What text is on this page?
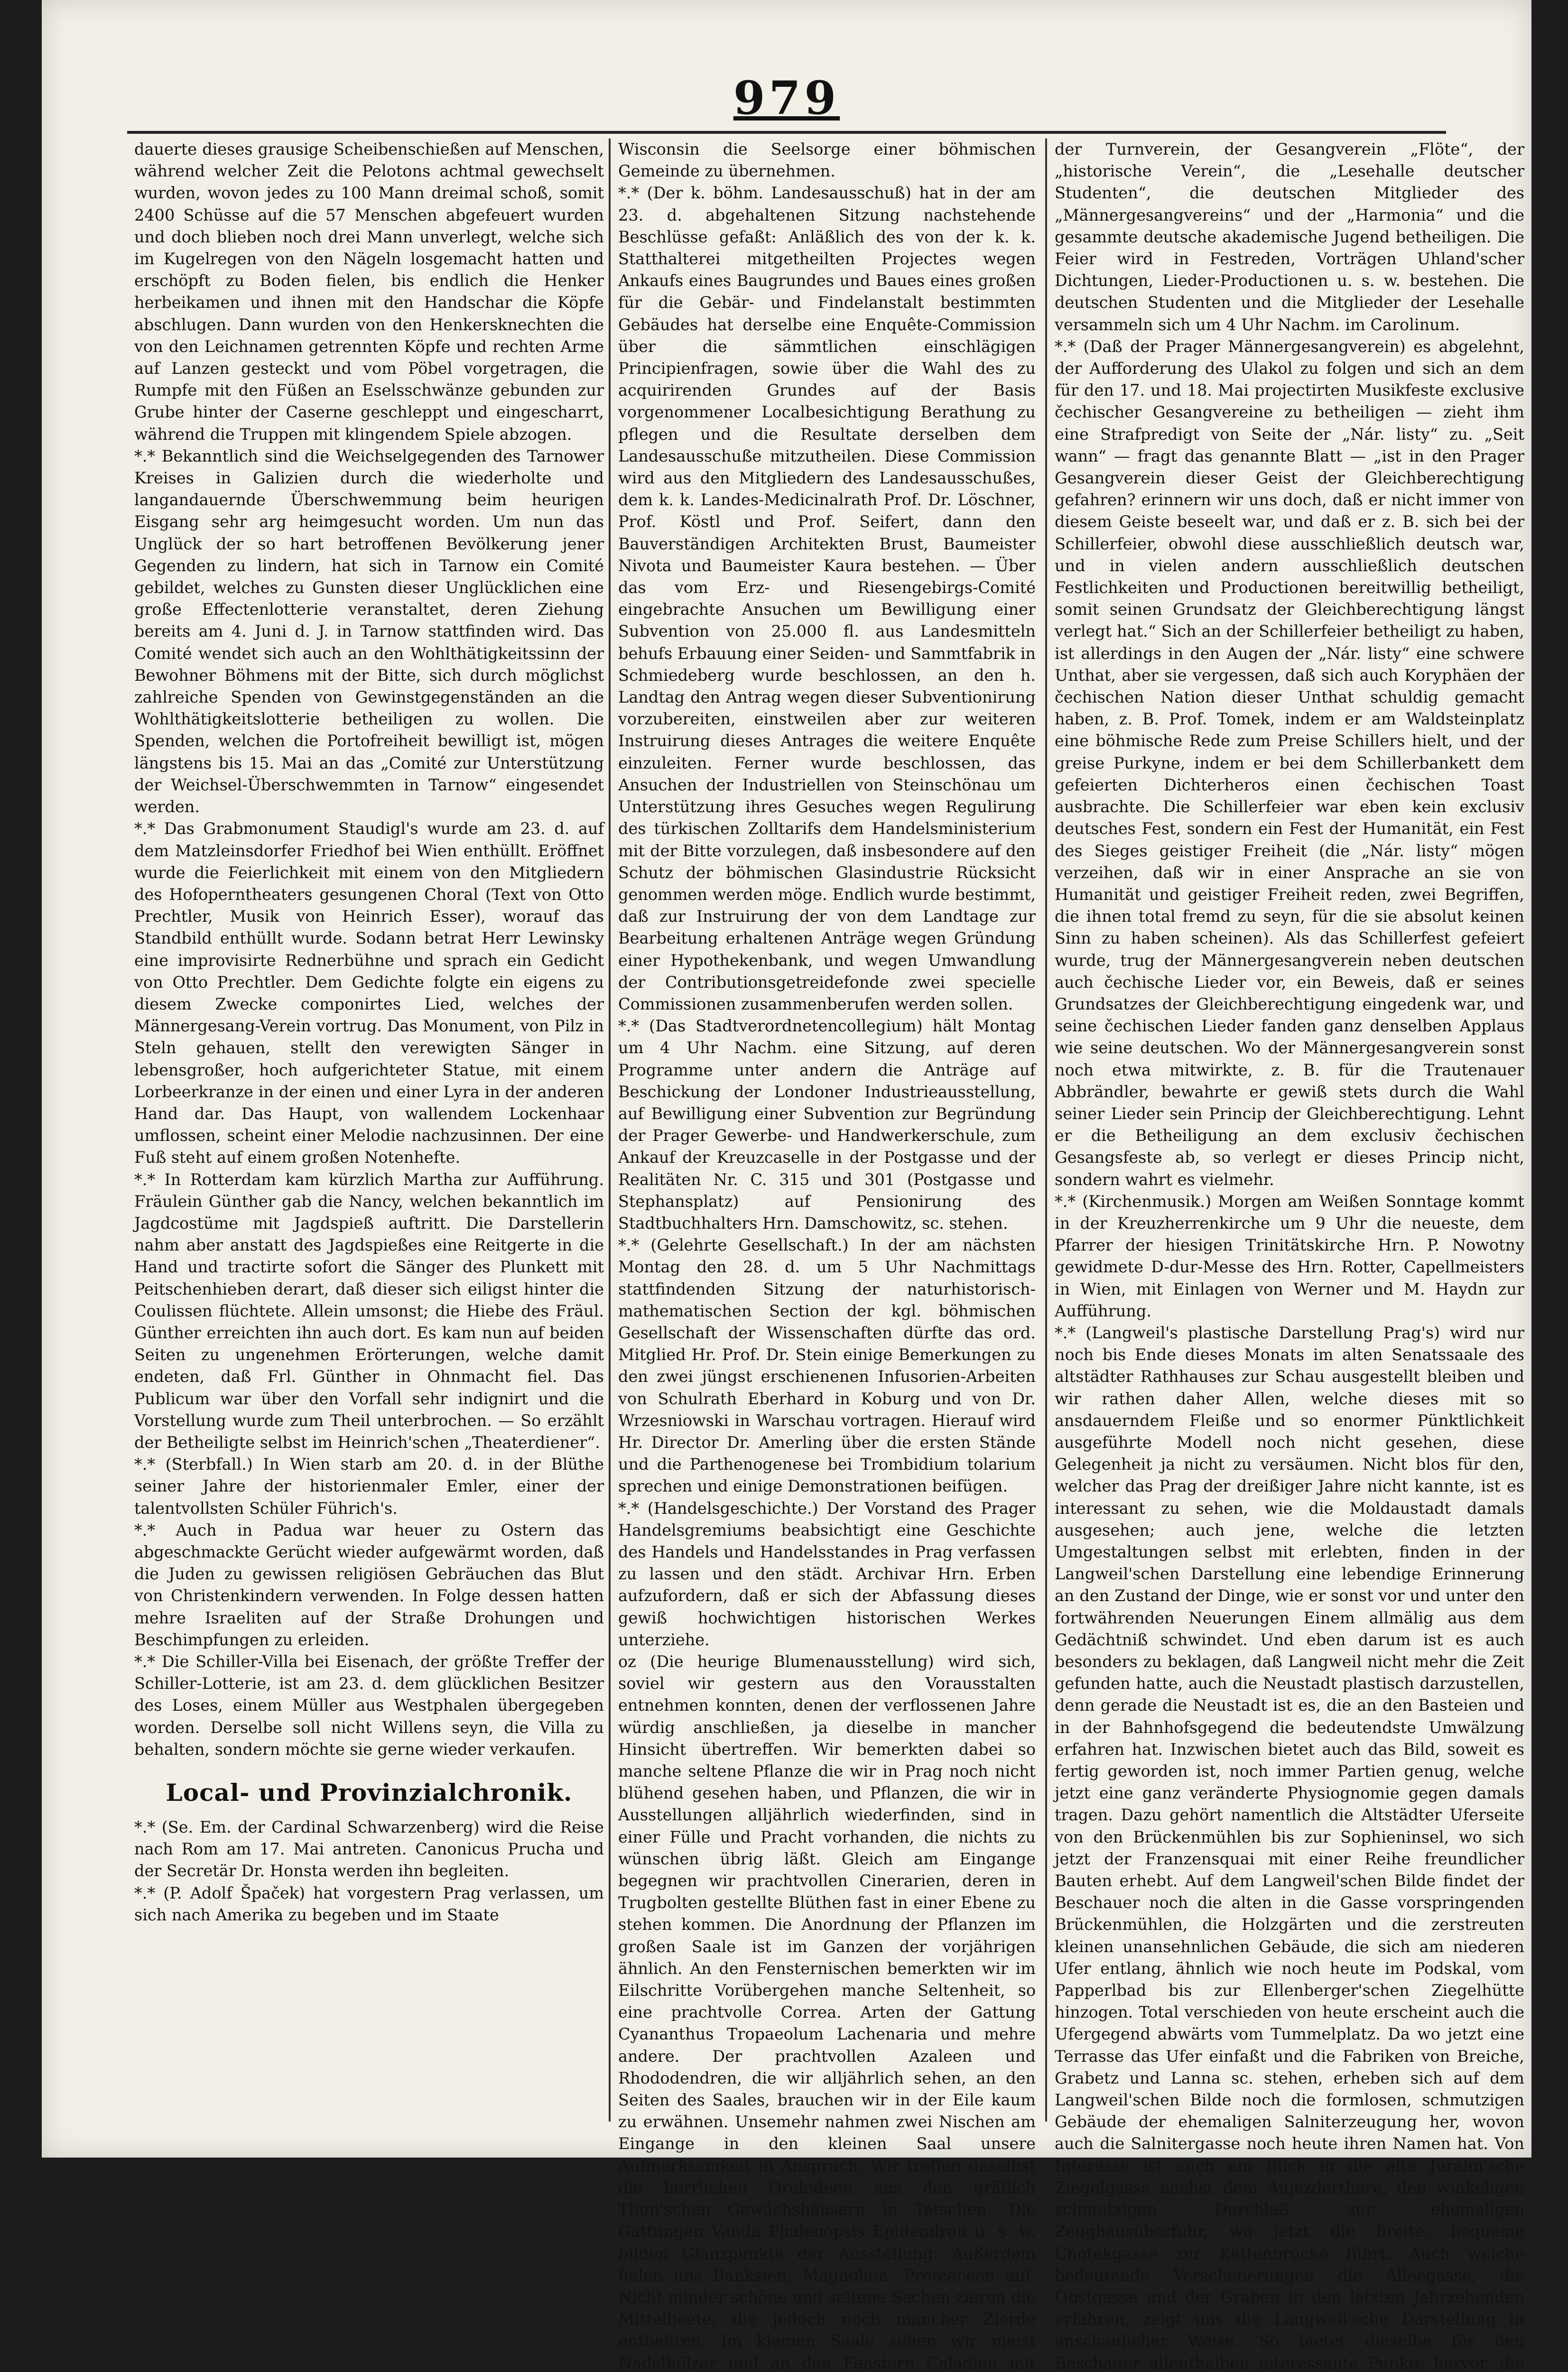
979

dauerte dieses grausige Scheibenschießen auf Menschen, während welcher Zeit die Pelotons achtmal gewechselt wurden, wovon jedes zu 100 Mann dreimal schoß, somit 2400 Schüsse auf die 57 Menschen abgefeuert wurden und doch blieben noch drei Mann unverlegt, welche sich im Kugelregen von den Nägeln losgemacht hatten und erschöpft zu Boden fielen, bis endlich die Henker herbeikamen und ihnen mit den Handschar die Köpfe abschlugen. Dann wurden von den Henkersknechten die von den Leichnamen getrennten Köpfe und rechten Arme auf Lanzen gesteckt und vom Pöbel vorgetragen, die Rumpfe mit den Füßen an Eselsschwänze gebunden zur Grube hinter der Caserne geschleppt und eingescharrt, während die Truppen mit klingendem Spiele abzogen.

*.* Bekanntlich sind die Weichselgegenden des Tarnower Kreises in Galizien durch die wiederholte und langandauernde Überschwemmung beim heurigen Eisgang sehr arg heimgesucht worden. Um nun das Unglück der so hart betroffenen Bevölkerung jener Gegenden zu lindern, hat sich in Tarnow ein Comité gebildet, welches zu Gunsten dieser Unglücklichen eine große Effectenlotterie veranstaltet, deren Ziehung bereits am 4. Juni d. J. in Tarnow stattfinden wird. Das Comité wendet sich auch an den Wohlthätigkeitssinn der Bewohner Böhmens mit der Bitte, sich durch möglichst zahlreiche Spenden von Gewinstgegenständen an die Wohlthätigkeitslotterie betheiligen zu wollen. Die Spenden, welchen die Portofreiheit bewilligt ist, mögen längstens bis 15. Mai an das „Comité zur Unterstützung der Weichsel-Überschwemmten in Tarnow“ eingesendet werden.

*.* Das Grabmonument Staudigl's wurde am 23. d. auf dem Matzleinsdorfer Friedhof bei Wien enthüllt. Eröffnet wurde die Feierlichkeit mit einem von den Mitgliedern des Hofoperntheaters gesungenen Choral (Text von Otto Prechtler, Musik von Heinrich Esser), worauf das Standbild enthüllt wurde. Sodann betrat Herr Lewinsky eine improvisirte Rednerbühne und sprach ein Gedicht von Otto Prechtler. Dem Gedichte folgte ein eigens zu diesem Zwecke componirtes Lied, welches der Männergesang-Verein vortrug. Das Monument, von Pilz in Steln gehauen, stellt den verewigten Sänger in lebensgroßer, hoch aufgerichteter Statue, mit einem Lorbeerkranze in der einen und einer Lyra in der anderen Hand dar. Das Haupt, von wallendem Lockenhaar umflossen, scheint einer Melodie nachzusinnen. Der eine Fuß steht auf einem großen Notenhefte.

*.* In Rotterdam kam kürzlich Martha zur Aufführung. Fräulein Günther gab die Nancy, welchen bekanntlich im Jagdcostüme mit Jagdspieß auftritt. Die Darstellerin nahm aber anstatt des Jagdspießes eine Reitgerte in die Hand und tractirte sofort die Sänger des Plunkett mit Peitschenhieben derart, daß dieser sich eiligst hinter die Coulissen flüchtete. Allein umsonst; die Hiebe des Fräul. Günther erreichten ihn auch dort. Es kam nun auf beiden Seiten zu ungenehmen Erörterungen, welche damit endeten, daß Frl. Günther in Ohnmacht fiel. Das Publicum war über den Vorfall sehr indignirt und die Vorstellung wurde zum Theil unterbrochen. — So erzählt der Betheiligte selbst im Heinrich'schen „Theaterdiener“.

*.* (Sterbfall.) In Wien starb am 20. d. in der Blüthe seiner Jahre der historienmaler Emler, einer der talentvollsten Schüler Führich's.

*.* Auch in Padua war heuer zu Ostern das abgeschmackte Gerücht wieder aufgewärmt worden, daß die Juden zu gewissen religiösen Gebräuchen das Blut von Christenkindern verwenden. In Folge dessen hatten mehre Israeliten auf der Straße Drohungen und Beschimpfungen zu erleiden.

*.* Die Schiller-Villa bei Eisenach, der größte Treffer der Schiller-Lotterie, ist am 23. d. dem glücklichen Besitzer des Loses, einem Müller aus Westphalen übergegeben worden. Derselbe soll nicht Willens seyn, die Villa zu behalten, sondern möchte sie gerne wieder verkaufen.

Local- und Provinzialchronik.

*.* (Se. Em. der Cardinal Schwarzenberg) wird die Reise nach Rom am 17. Mai antreten. Canonicus Prucha und der Secretär Dr. Honsta werden ihn begleiten.

*.* (P. Adolf Špaček) hat vorgestern Prag verlassen, um sich nach Amerika zu begeben und im Staate

Wisconsin die Seelsorge einer böhmischen Gemeinde zu übernehmen.

*.* (Der k. böhm. Landesausschuß) hat in der am 23. d. abgehaltenen Sitzung nachstehende Beschlüsse gefaßt: Anläßlich des von der k. k. Statthalterei mitgetheilten Projectes wegen Ankaufs eines Baugrundes und Baues eines großen für die Gebär- und Findelanstalt bestimmten Gebäudes hat derselbe eine Enquête-Commission über die sämmtlichen einschlägigen Principienfragen, sowie über die Wahl des zu acquirirenden Grundes auf der Basis vorgenommener Localbesichtigung Berathung zu pflegen und die Resultate derselben dem Landesausschuße mitzutheilen. Diese Commission wird aus den Mitgliedern des Landesausschußes, dem k. k. Landes-Medicinalrath Prof. Dr. Löschner, Prof. Köstl und Prof. Seifert, dann den Bauverständigen Architekten Brust, Baumeister Nivota und Baumeister Kaura bestehen. — Über das vom Erz- und Riesengebirgs-Comité eingebrachte Ansuchen um Bewilligung einer Subvention von 25.000 fl. aus Landesmitteln behufs Erbauung einer Seiden- und Sammtfabrik in Schmiedeberg wurde beschlossen, an den h. Landtag den Antrag wegen dieser Subventionirung vorzubereiten, einstweilen aber zur weiteren Instruirung dieses Antrages die weitere Enquête einzuleiten. Ferner wurde beschlossen, das Ansuchen der Industriellen von Steinschönau um Unterstützung ihres Gesuches wegen Regulirung des türkischen Zolltarifs dem Handelsministerium mit der Bitte vorzulegen, daß insbesondere auf den Schutz der böhmischen Glasindustrie Rücksicht genommen werden möge. Endlich wurde bestimmt, daß zur Instruirung der von dem Landtage zur Bearbeitung erhaltenen Anträge wegen Gründung einer Hypothekenbank, und wegen Umwandlung der Contributionsgetreidefonde zwei specielle Commissionen zusammenberufen werden sollen.

*.* (Das Stadtverordnetencollegium) hält Montag um 4 Uhr Nachm. eine Sitzung, auf deren Programme unter andern die Anträge auf Beschickung der Londoner Industrieausstellung, auf Bewilligung einer Subvention zur Begründung der Prager Gewerbe- und Handwerkerschule, zum Ankauf der Kreuzcaselle in der Postgasse und der Realitäten Nr. C. 315 und 301 (Postgasse und Stephansplatz) auf Pensionirung des Stadtbuchhalters Hrn. Damschowitz, sc. stehen.

*.* (Gelehrte Gesellschaft.) In der am nächsten Montag den 28. d. um 5 Uhr Nachmittags stattfindenden Sitzung der naturhistorisch-mathematischen Section der kgl. böhmischen Gesellschaft der Wissenschaften dürfte das ord. Mitglied Hr. Prof. Dr. Stein einige Bemerkungen zu den zwei jüngst erschienenen Infusorien-Arbeiten von Schulrath Eberhard in Koburg und von Dr. Wrzesniowski in Warschau vortragen. Hierauf wird Hr. Director Dr. Amerling über die ersten Stände und die Parthenogenese bei Trombidium tolarium sprechen und einige Demonstrationen beifügen.

*.* (Handelsgeschichte.) Der Vorstand des Prager Handelsgremiums beabsichtigt eine Geschichte des Handels und Handelsstandes in Prag verfassen zu lassen und den städt. Archivar Hrn. Erben aufzufordern, daß er sich der Abfassung dieses gewiß hochwichtigen historischen Werkes unterziehe.

oz (Die heurige Blumenausstellung) wird sich, soviel wir gestern aus den Vorausstalten entnehmen konnten, denen der verflossenen Jahre würdig anschließen, ja dieselbe in mancher Hinsicht übertreffen. Wir bemerkten dabei so manche seltene Pflanze die wir in Prag noch nicht blühend gesehen haben, und Pflanzen, die wir in Ausstellungen alljährlich wiederfinden, sind in einer Fülle und Pracht vorhanden, die nichts zu wünschen übrig läßt. Gleich am Eingange begegnen wir prachtvollen Cinerarien, deren in Trugbolten gestellte Blüthen fast in einer Ebene zu stehen kommen. Die Anordnung der Pflanzen im großen Saale ist im Ganzen der vorjährigen ähnlich. An den Fensternischen bemerkten wir im Eilschritte Vorübergehen manche Seltenheit, so eine prachtvolle Correa. Arten der Gattung Cyananthus Tropaeolum Lachenaria und mehre andere. Der prachtvollen Azaleen und Rhododendren, die wir alljährlich sehen, an den Seiten des Saales, brauchen wir in der Eile kaum zu erwähnen. Unsemehr nahmen zwei Nischen am Eingange in den kleinen Saal unsere Aufmerksamkeit in Anspruch. Wir treffen daselbst die herrlichen Orchideen aus den gräflich Thun'schen Gewächshäusern in Tetschen. Die Gattungen Vanda Phalenopsis Epidendron u. s. w. bilden Glanzpunkte der Ausstellung. Außerdem fielen uns Banksien, Magnolien, Proteaceen auf. Nicht minder schöne und seltene Sachen zieren die Mittelbeete, die jedoch noch mancher Zierde entbehren. Im kleinen Saale sehen wir meist Nadelhölzer und an den Fenstern Caladien mit

der Turnverein, der Gesangverein „Flöte“, der „historische Verein“, die „Lesehalle deutscher Studenten“, die deutschen Mitglieder des „Männergesangvereins“ und der „Harmonia“ und die gesammte deutsche akademische Jugend betheiligen. Die Feier wird in Festreden, Vorträgen Uhland'scher Dichtungen, Lieder-Productionen u. s. w. bestehen. Die deutschen Studenten und die Mitglieder der Lesehalle versammeln sich um 4 Uhr Nachm. im Carolinum.

*.* (Daß der Prager Männergesangverein) es abgelehnt, der Aufforderung des Ulakol zu folgen und sich an dem für den 17. und 18. Mai projectirten Musikfeste exclusive čechischer Gesangvereine zu betheiligen — zieht ihm eine Strafpredigt von Seite der „Nár. listy“ zu. „Seit wann“ — fragt das genannte Blatt — „ist in den Prager Gesangverein dieser Geist der Gleichberechtigung gefahren? erinnern wir uns doch, daß er nicht immer von diesem Geiste beseelt war, und daß er z. B. sich bei der Schillerfeier, obwohl diese ausschließlich deutsch war, und in vielen andern ausschließlich deutschen Festlichkeiten und Productionen bereitwillig betheiligt, somit seinen Grundsatz der Gleichberechtigung längst verlegt hat.“ Sich an der Schillerfeier betheiligt zu haben, ist allerdings in den Augen der „Nár. listy“ eine schwere Unthat, aber sie vergessen, daß sich auch Koryphäen der čechischen Nation dieser Unthat schuldig gemacht haben, z. B. Prof. Tomek, indem er am Waldsteinplatz eine böhmische Rede zum Preise Schillers hielt, und der greise Purkyne, indem er bei dem Schillerbankett dem gefeierten Dichterheros einen čechischen Toast ausbrachte. Die Schillerfeier war eben kein exclusiv deutsches Fest, sondern ein Fest der Humanität, ein Fest des Sieges geistiger Freiheit (die „Nár. listy“ mögen verzeihen, daß wir in einer Ansprache an sie von Humanität und geistiger Freiheit reden, zwei Begriffen, die ihnen total fremd zu seyn, für die sie absolut keinen Sinn zu haben scheinen). Als das Schillerfest gefeiert wurde, trug der Männergesangverein neben deutschen auch čechische Lieder vor, ein Beweis, daß er seines Grundsatzes der Gleichberechtigung eingedenk war, und seine čechischen Lieder fanden ganz denselben Applaus wie seine deutschen. Wo der Männergesangverein sonst noch etwa mitwirkte, z. B. für die Trautenauer Abbrändler, bewahrte er gewiß stets durch die Wahl seiner Lieder sein Princip der Gleichberechtigung. Lehnt er die Betheiligung an dem exclusiv čechischen Gesangsfeste ab, so verlegt er dieses Princip nicht, sondern wahrt es vielmehr.

*.* (Kirchenmusik.) Morgen am Weißen Sonntage kommt in der Kreuzherrenkirche um 9 Uhr die neueste, dem Pfarrer der hiesigen Trinitätskirche Hrn. P. Nowotny gewidmete D-dur-Messe des Hrn. Rotter, Capellmeisters in Wien, mit Einlagen von Werner und M. Haydn zur Aufführung.

*.* (Langweil's plastische Darstellung Prag's) wird nur noch bis Ende dieses Monats im alten Senatssaale des altstädter Rathhauses zur Schau ausgestellt bleiben und wir rathen daher Allen, welche dieses mit so ansdauerndem Fleiße und so enormer Pünktlichkeit ausgeführte Modell noch nicht gesehen, diese Gelegenheit ja nicht zu versäumen. Nicht blos für den, welcher das Prag der dreißiger Jahre nicht kannte, ist es interessant zu sehen, wie die Moldaustadt damals ausgesehen; auch jene, welche die letzten Umgestaltungen selbst mit erlebten, finden in der Langweil'schen Darstellung eine lebendige Erinnerung an den Zustand der Dinge, wie er sonst vor und unter den fortwährenden Neuerungen Einem allmälig aus dem Gedächtniß schwindet. Und eben darum ist es auch besonders zu beklagen, daß Langweil nicht mehr die Zeit gefunden hatte, auch die Neustadt plastisch darzustellen, denn gerade die Neustadt ist es, die an den Basteien und in der Bahnhofsgegend die bedeutendste Umwälzung erfahren hat. Inzwischen bietet auch das Bild, soweit es fertig geworden ist, noch immer Partien genug, welche jetzt eine ganz veränderte Physiognomie gegen damals tragen. Dazu gehört namentlich die Altstädter Uferseite von den Brückenmühlen bis zur Sophieninsel, wo sich jetzt der Franzensquai mit einer Reihe freundlicher Bauten erhebt. Auf dem Langweil'schen Bilde findet der Beschauer noch die alten in die Gasse vorspringenden Brückenmühlen, die Holzgärten und die zerstreuten kleinen unansehnlichen Gebäude, die sich am niederen Ufer entlang, ähnlich wie noch heute im Podskal, vom Papperlbad bis zur Ellenberger'schen Ziegelhütte hinzogen. Total verschieden von heute erscheint auch die Ufergegend abwärts vom Tummelplatz. Da wo jetzt eine Terrasse das Ufer einfaßt und die Fabriken von Breiche, Grabetz und Lanna sc. stehen, erheben sich auf dem Langweil'schen Bilde noch die formlosen, schmutzigen Gebäude der ehemaligen Salniterzeugung her, wovon auch die Salnitergasse noch heute ihren Namen hat. Von Interesse ist auch ein Blick in die alte Juraim'sche Ziegelgasse nächst dem Aujezderthore, den winkeligen schmutzigen Durchlaß zur ehemaligen Zeughausüberfuhr, wo jetzt die breite, bequeme Chotekgasse zur Kettenbrücke führt. Auch welche bedeutende Verschönerungen die Alleegasse, die Obstgasse und der Graben in den letzten Jahrzehenden erfahren, zeigt uns die Langweil'sche Darstellung in anschaulicher Weise. So bietet dieselbe für den Beschauer allenthalben interessante Punkte hervor, die
